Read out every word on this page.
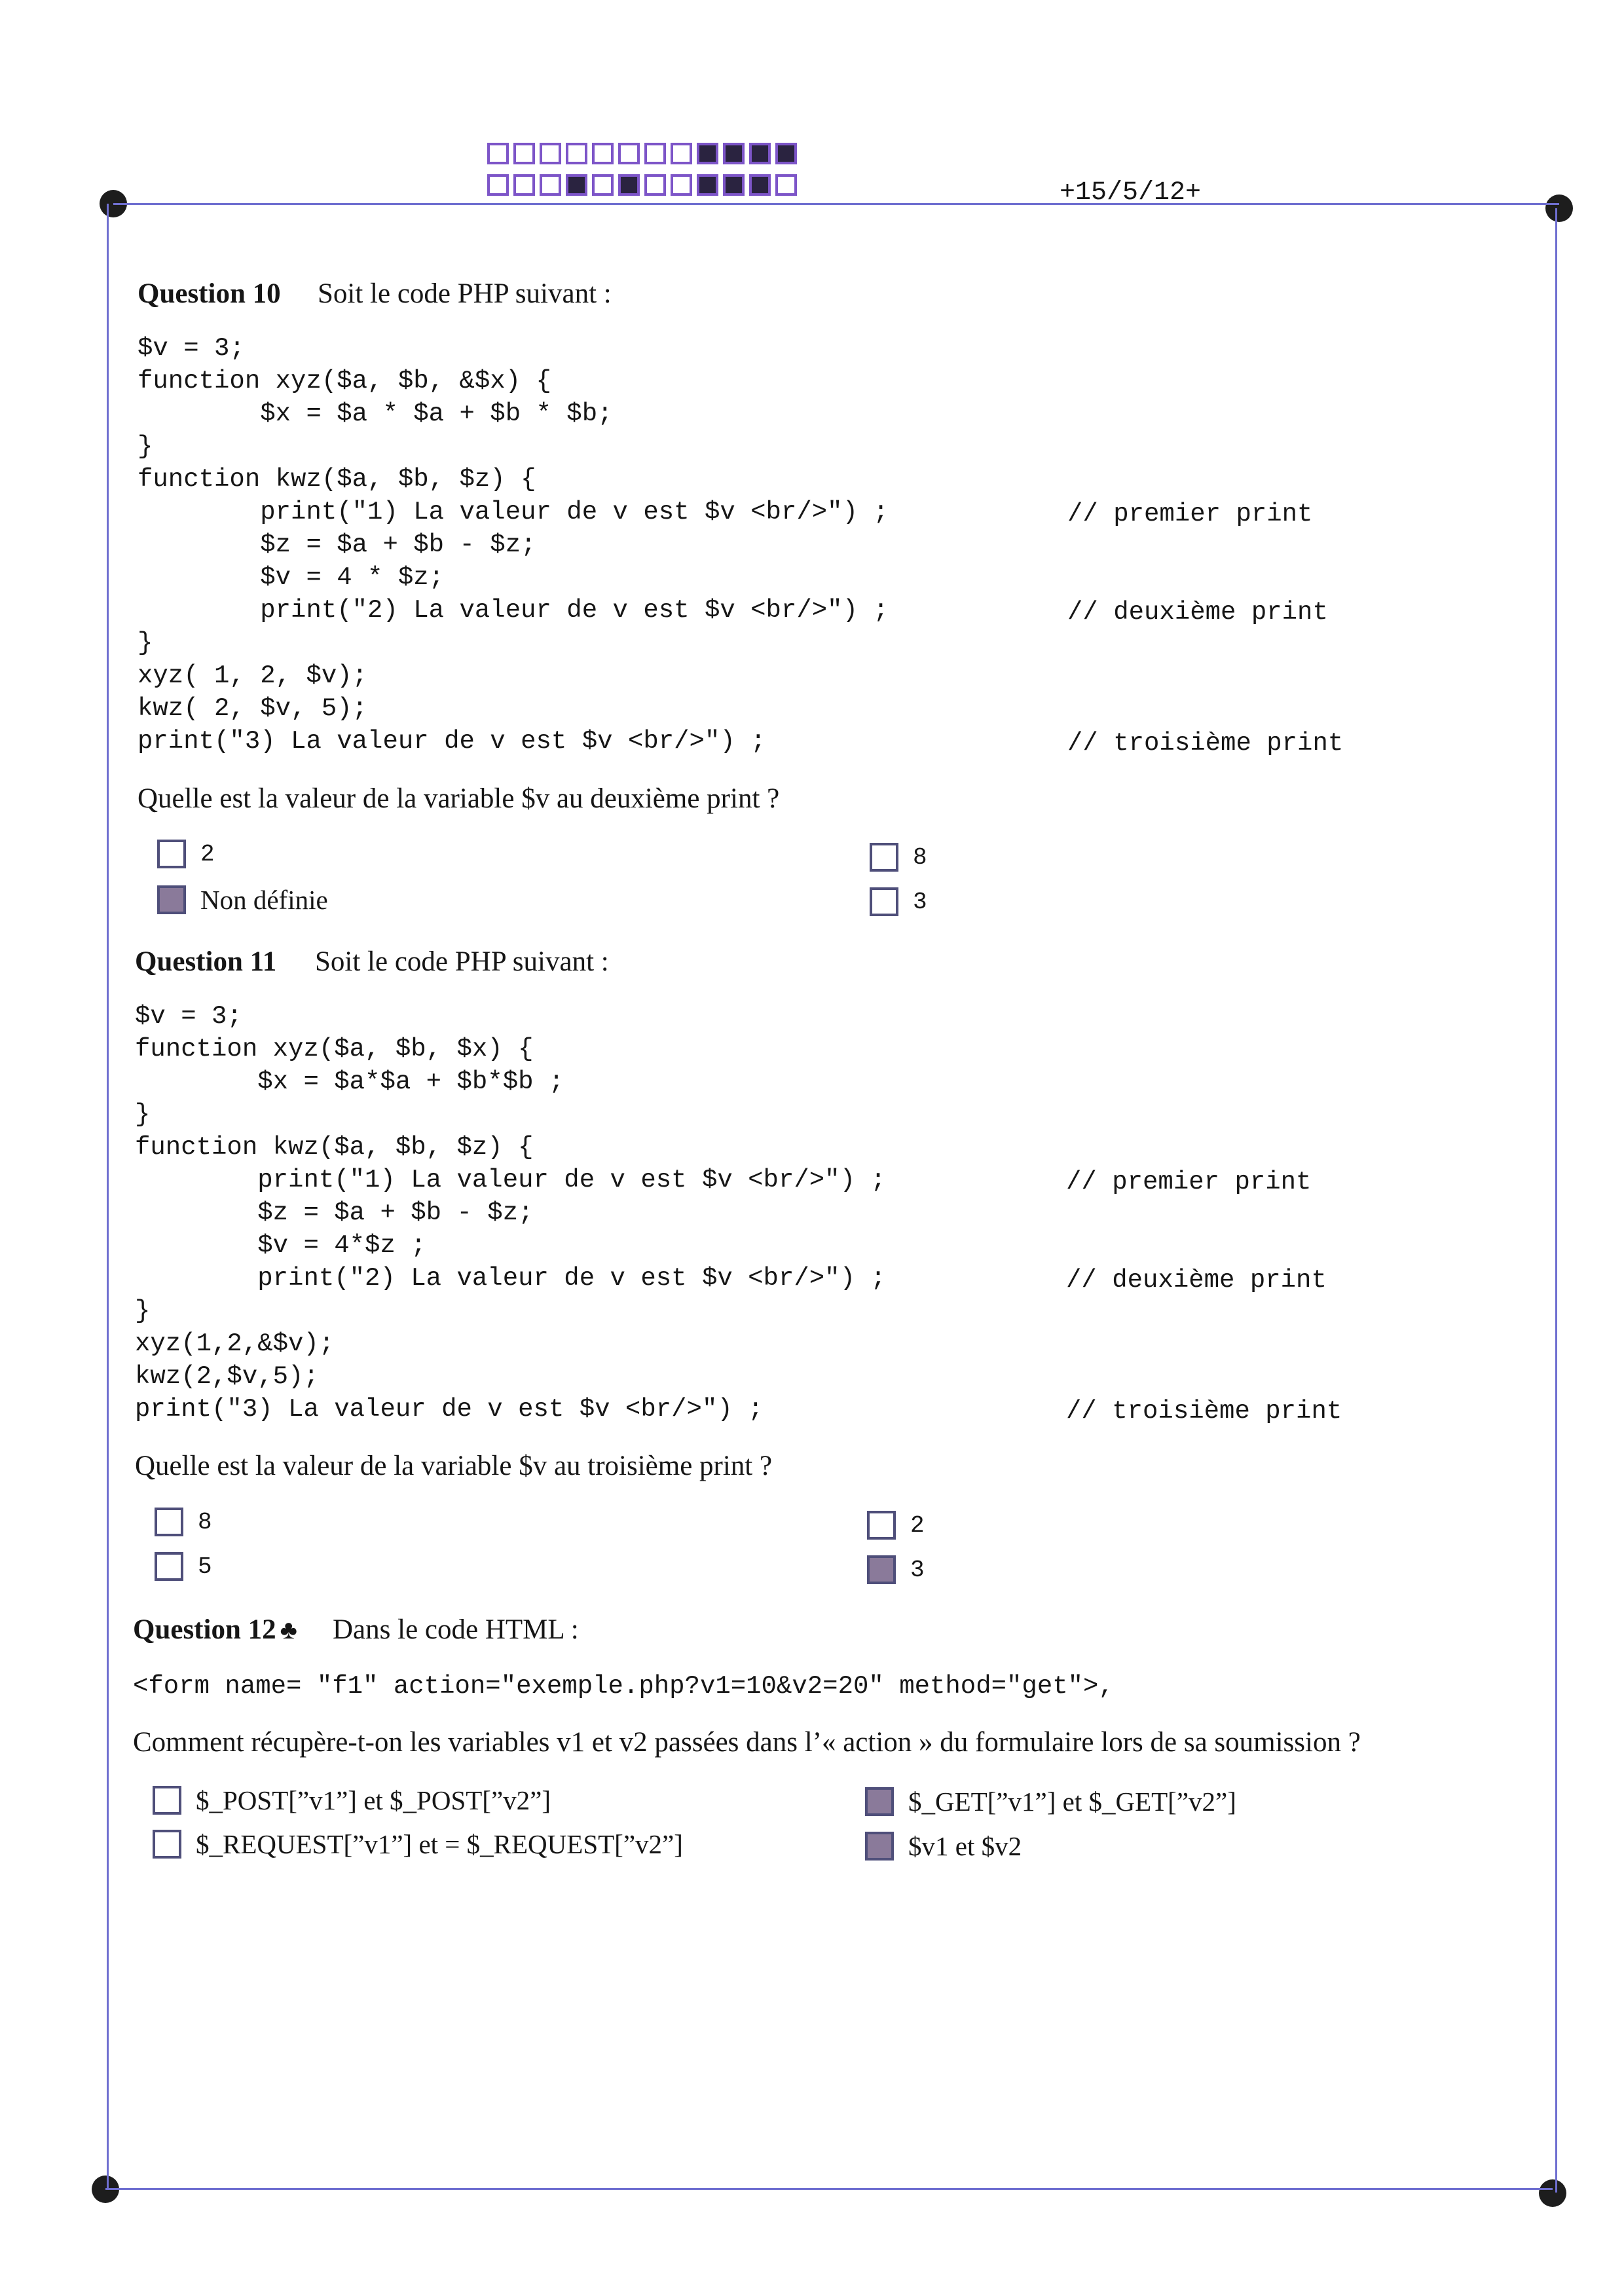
+15/5/12+
Question 10 Soit le code PHP suivant :
$v = 3;
function xyz($a, $b, &$x) {
$x = $a * $a + $b * $b;
}
function kwz($a, $b, $z) {
print("1) La valeur de v est $v <br/>") ;
$z = $a + $b - $z;
$v = 4 * $z;
print("2) La valeur de v est $v <br/>") ;
}
xyz( 1, 2, $v);
kwz( 2, $v, 5);
print("3) La valeur de v est $v <br/>") ;
// premier print
// deuxième print
// troisième print
Quelle est la valeur de la variable $v au deuxième print ?
2
Non définie
8
3
Question 11 Soit le code PHP suivant :
$v = 3;
function xyz($a, $b, $x) {
$x = $a*$a + $b*$b ;
}
function kwz($a, $b, $z) {
print("1) La valeur de v est $v <br/>") ;
$z = $a + $b - $z;
$v = 4*$z ;
print("2) La valeur de v est $v <br/>") ;
}
xyz(1,2,&$v);
kwz(2,$v,5);
print("3) La valeur de v est $v <br/>") ;
// premier print
// deuxième print
// troisième print
Quelle est la valeur de la variable $v au troisième print ?
8
5
2
3
Question 12 ♣ Dans le code HTML :
<form name= "f1" action="exemple.php?v1=10&v2=20" method="get">,
Comment récupère-t-on les variables v1 et v2 passées dans l’« action » du formulaire lors de sa soumission ?
$_POST[”v1”] et $_POST[”v2”]
$_REQUEST[”v1”] et = $_REQUEST[”v2”]
$_GET[”v1”] et $_GET[”v2”]
$v1 et $v2
